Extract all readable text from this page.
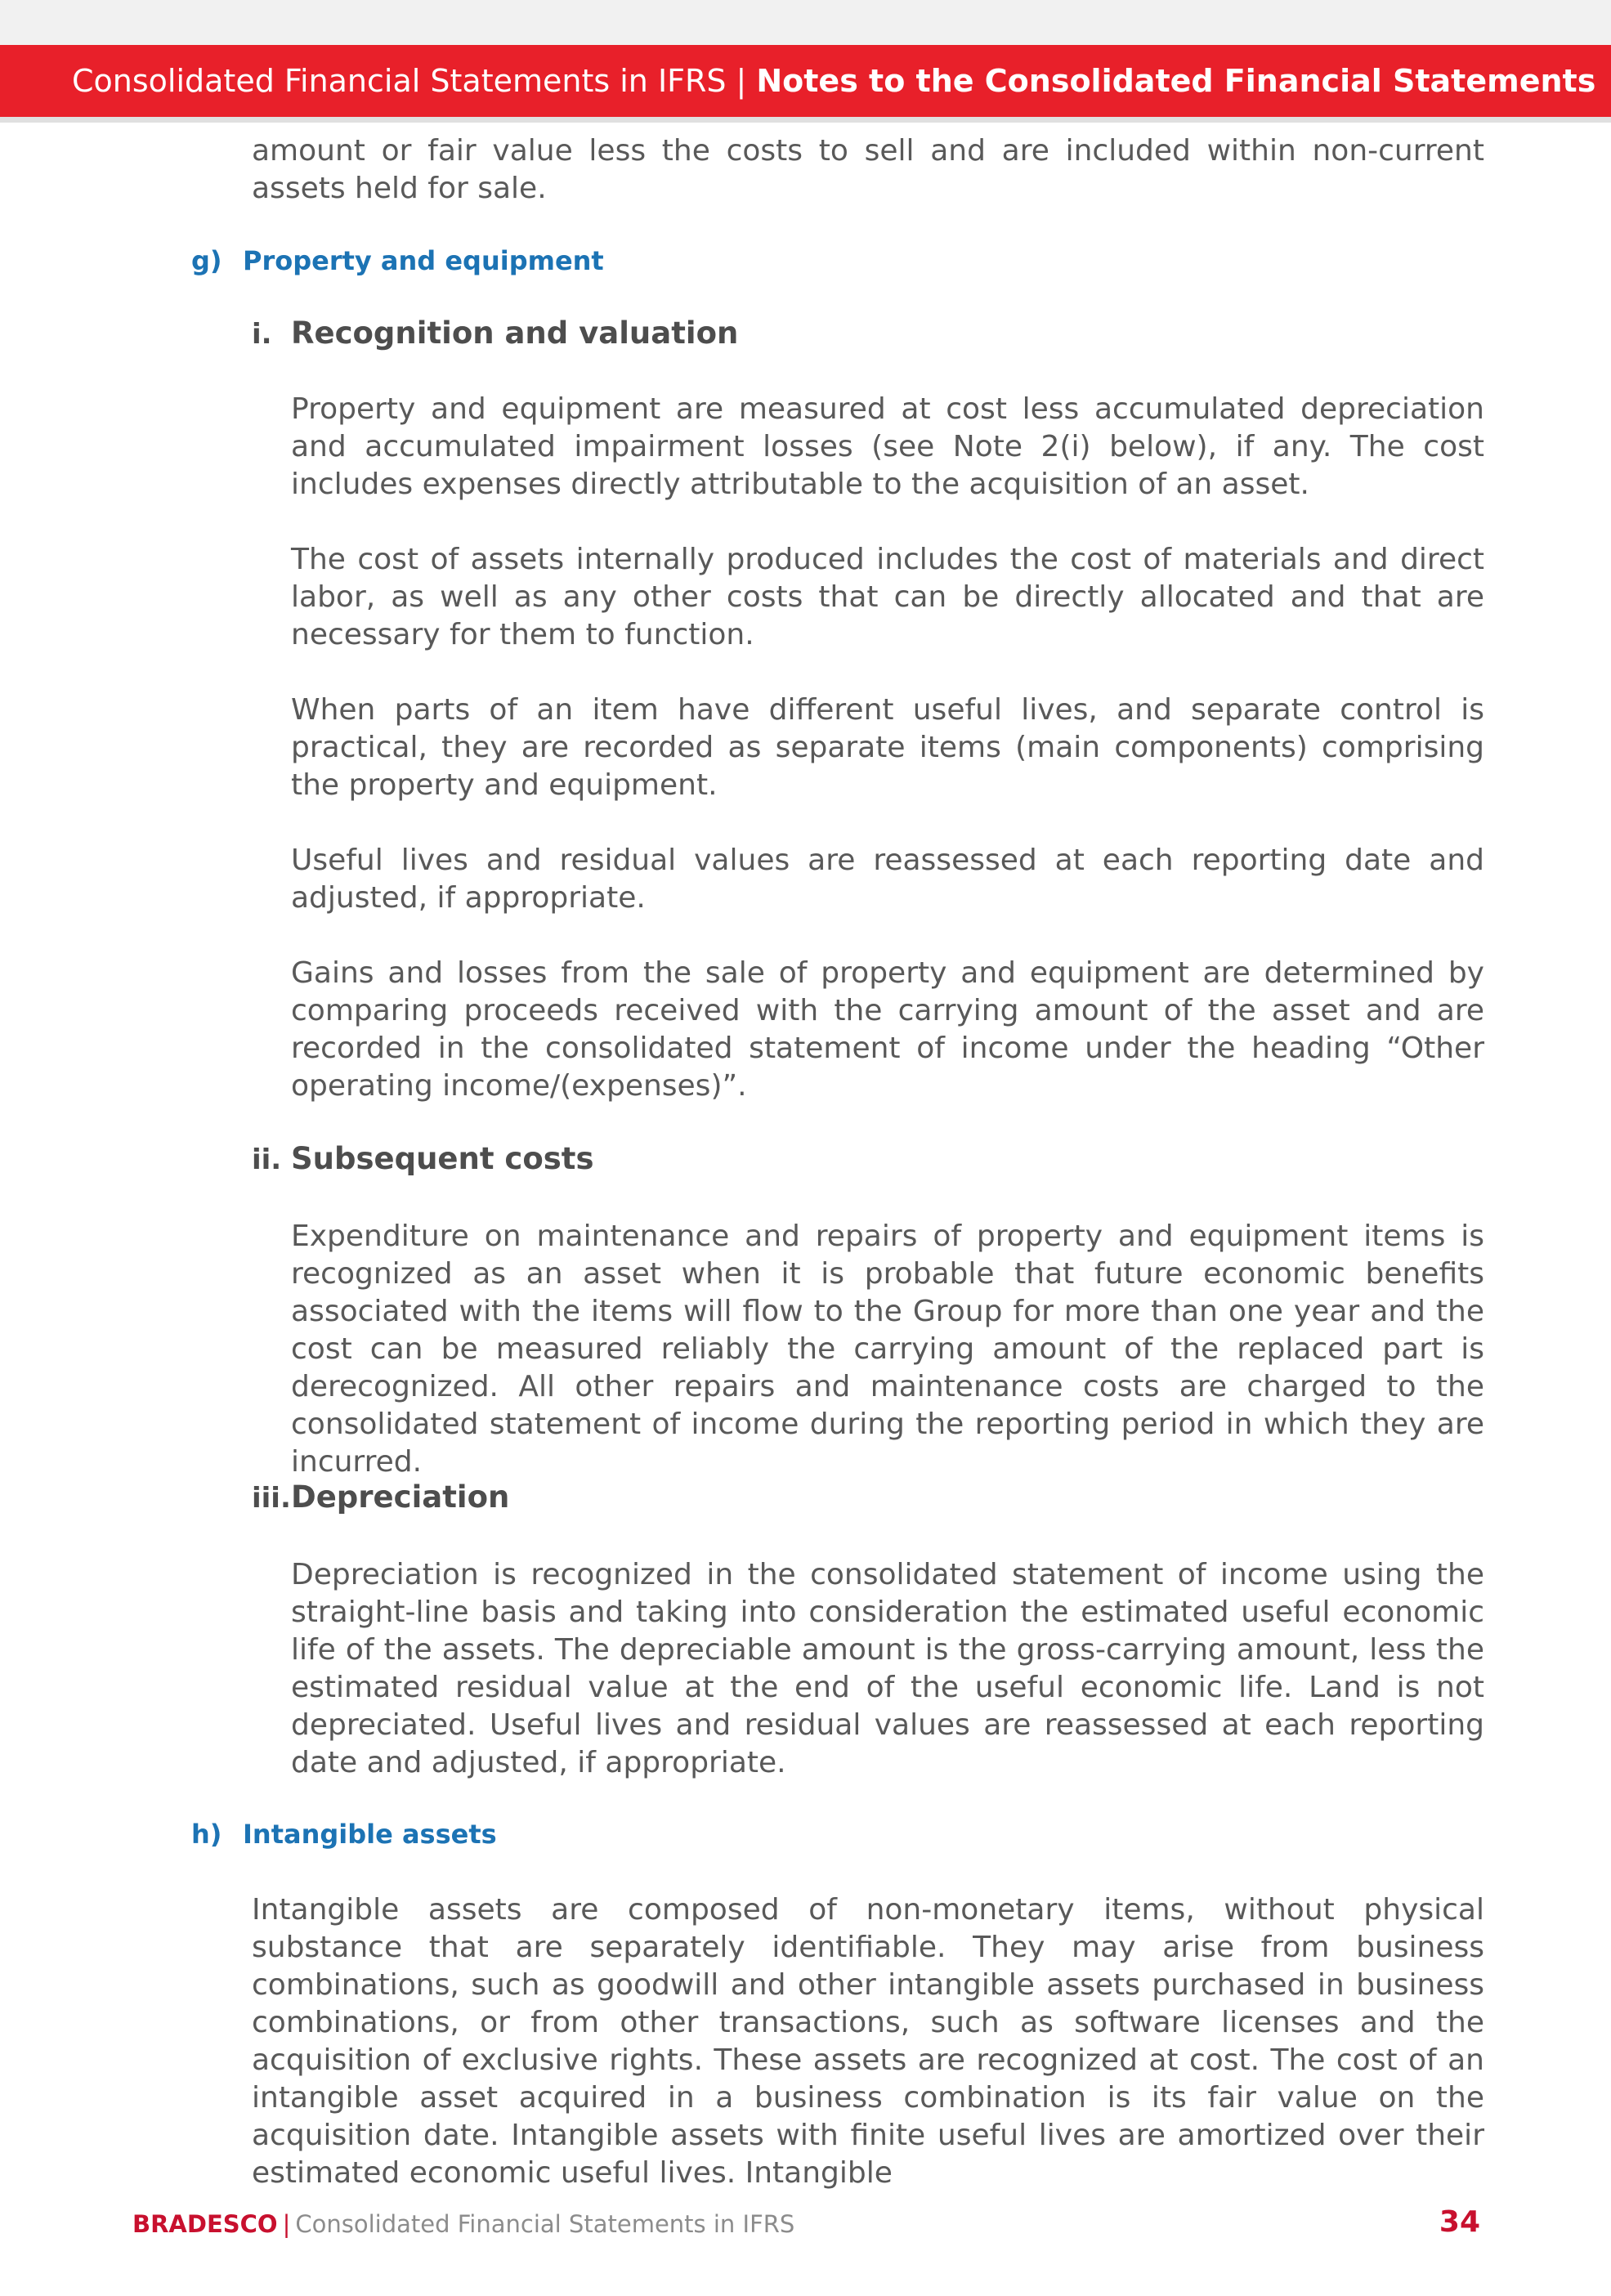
Consolidated Financial Statements in IFRS | Notes to the Consolidated Financial Statements

amount or fair value less the costs to sell and are included within non-current assets held for sale.

g) Property and equipment
i. Recognition and valuation

Property and equipment are measured at cost less accumulated depreciation and accumulated impairment losses (see Note 2(i) below), if any. The cost includes expenses directly attributable to the acquisition of an asset.

The cost of assets internally produced includes the cost of materials and direct labor, as well as any other costs that can be directly allocated and that are necessary for them to function.

When parts of an item have different useful lives, and separate control is practical, they are recorded as separate items (main components) comprising the property and equipment.

Useful lives and residual values are reassessed at each reporting date and adjusted, if appropriate.

Gains and losses from the sale of property and equipment are determined by comparing proceeds received with the carrying amount of the asset and are recorded in the consolidated statement of income under the heading “Other operating income/(expenses)”.

ii. Subsequent costs

Expenditure on maintenance and repairs of property and equipment items is recognized as an asset when it is probable that future economic benefits associated with the items will flow to the Group for more than one year and the cost can be measured reliably the carrying amount of the replaced part is derecognized. All other repairs and maintenance costs are charged to the consolidated statement of income during the reporting period in which they are incurred.

iii.Depreciation

Depreciation is recognized in the consolidated statement of income using the straight-line basis and taking into consideration the estimated useful economic life of the assets. The depreciable amount is the gross-carrying amount, less the estimated residual value at the end of the useful economic life. Land is not depreciated. Useful lives and residual values are reassessed at each reporting date and adjusted, if appropriate.

h) Intangible assets

Intangible assets are composed of non-monetary items, without physical substance that are separately identifiable. They may arise from business combinations, such as goodwill and other intangible assets purchased in business combinations, or from other transactions, such as software licenses and the acquisition of exclusive rights. These assets are recognized at cost. The cost of an intangible asset acquired in a business combination is its fair value on the acquisition date. Intangible assets with finite useful lives are amortized over their estimated economic useful lives. Intangible

BRADESCO | Consolidated Financial Statements in IFRS	34
